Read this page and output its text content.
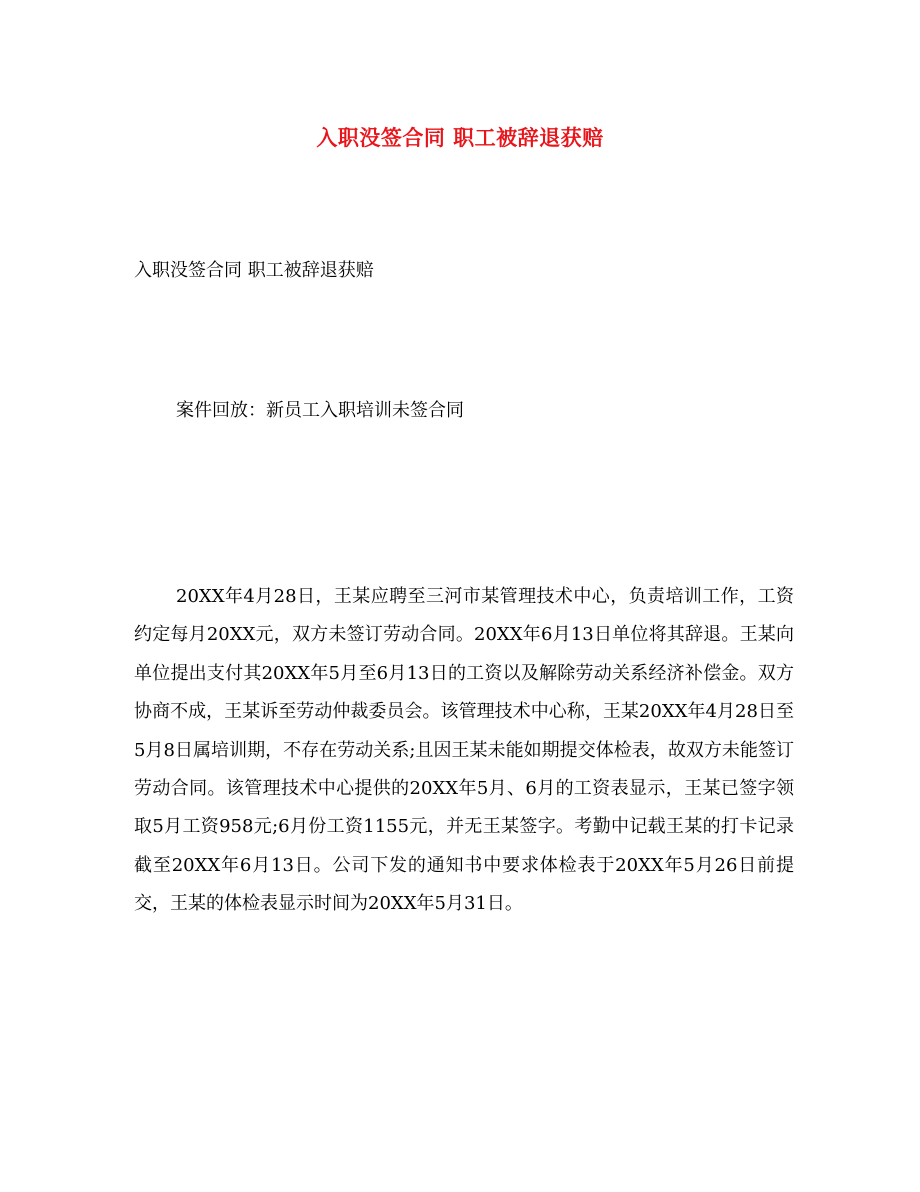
入职没签合同 职工被辞退获赔

入职没签合同 职工被辞退获赔

案件回放：新员工入职培训未签合同

20XX年4月28日，王某应聘至三河市某管理技术中心，负责培训工作，工资约定每月20XX元，双方未签订劳动合同。20XX年6月13日单位将其辞退。王某向单位提出支付其20XX年5月至6月13日的工资以及解除劳动关系经济补偿金。双方协商不成，王某诉至劳动仲裁委员会。该管理技术中心称，王某20XX年4月28日至5月8日属培训期，不存在劳动关系;且因王某未能如期提交体检表，故双方未能签订劳动合同。该管理技术中心提供的20XX年5月、6月的工资表显示，王某已签字领取5月工资958元;6月份工资1155元，并无王某签字。考勤中记载王某的打卡记录截至20XX年6月13日。公司下发的通知书中要求体检表于20XX年5月26日前提交，王某的体检表显示时间为20XX年5月31日。
